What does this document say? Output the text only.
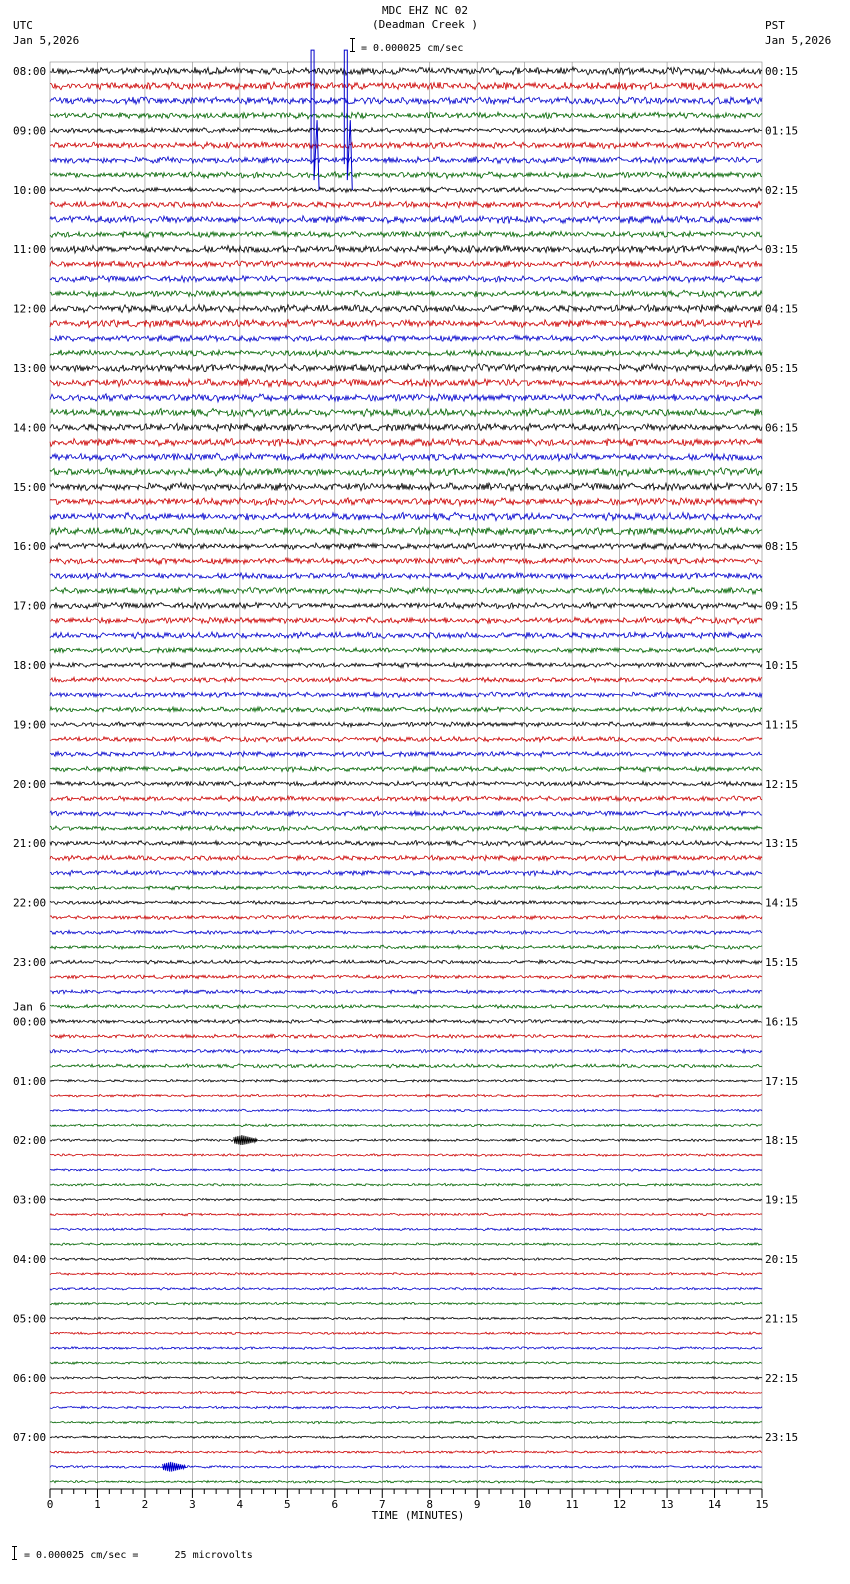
MDC EHZ NC 02
(Deadman Creek )
= 0.000025 cm/sec
UTC
Jan 5,2026
PST
Jan 5,2026
08:00
09:00
10:00
11:00
12:00
13:00
14:00
15:00
16:00
17:00
18:00
19:00
20:00
21:00
22:00
23:00
00:00
01:00
02:00
03:00
04:00
05:00
06:00
07:00
00:15
01:15
02:15
03:15
04:15
05:15
06:15
07:15
08:15
09:15
10:15
11:15
12:15
13:15
14:15
15:15
16:15
17:15
18:15
19:15
20:15
21:15
22:15
23:15
Jan 6
0	1	2	3	4	5	6	7	8	9	10	11	12	13	14	15
TIME (MINUTES)
= 0.000025 cm/sec =      25 microvolts
